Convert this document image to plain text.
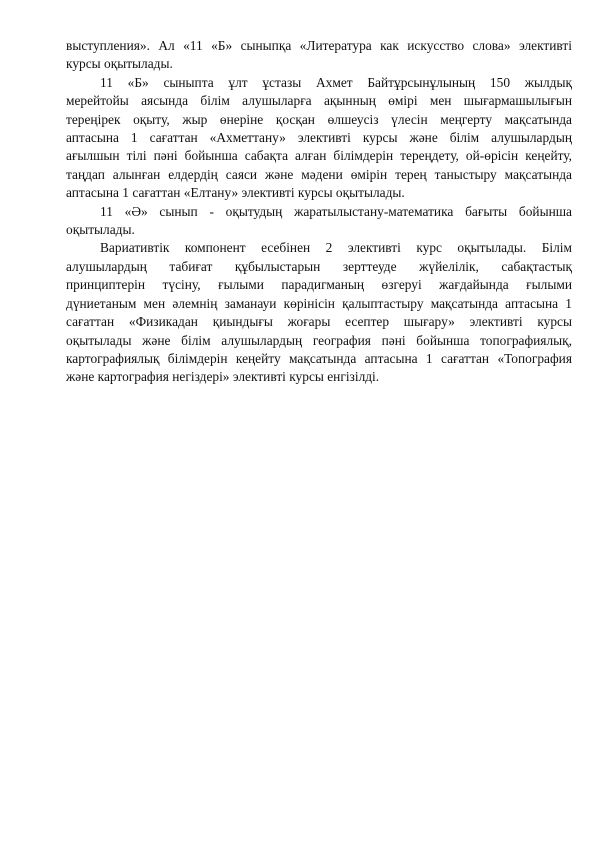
выступления». Ал «11 «Б» сыныпқа «Литература как искусство слова» элективті
курсы оқытылады.

11 «Б» сыныпта ұлт ұстазы Ахмет Байтұрсынұлының 150 жылдық
мерейтойы аясында білім алушыларға ақынның өмірі мен шығармашылығын
тереңірек оқыту, жыр өнеріне қосқан өлшеусіз үлесін меңгерту мақсатында
аптасына 1 сағаттан «Ахметтану» элективті курсы және білім алушылардың
ағылшын тілі пәні бойынша сабақта алған білімдерін тереңдету, ой-өрісін кеңейту,
таңдап алынған елдердің саяси және мәдени өмірін терең таныстыру мақсатында
аптасына 1 сағаттан «Елтану» элективті курсы оқытылады.

11 «Ә» сынып - оқытудың жаратылыстану-математика бағыты бойынша
оқытылады.

Вариативтік компонент есебінен 2 элективті курс оқытылады. Білім
алушылардың табиғат құбылыстарын зерттеуде жүйелілік, сабақтастық
принциптерін түсіну, ғылыми парадигманың өзгеруі жағдайында ғылыми
дүниетаным мен әлемнің заманауи көрінісін қалыптастыру мақсатында аптасына 1
сағаттан «Физикадан қиындығы жоғары есептер шығару» элективті курсы
оқытылады және білім алушылардың география пәні бойынша топографиялық,
картографиялық білімдерін кеңейту мақсатында аптасына 1 сағаттан «Топография
және картография негіздері» элективті курсы енгізілді.
